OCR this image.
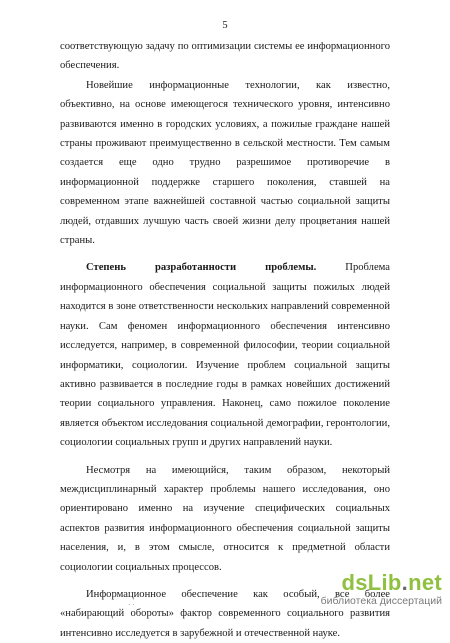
5

соответствующую задачу по оптимизации системы ее информационного обеспечения.

Новейшие информационные технологии, как известно, объективно, на основе имеющегося технического уровня, интенсивно развиваются именно в городских условиях, а пожилые граждане нашей страны проживают преимущественно в сельской местности. Тем самым создается еще одно трудно разрешимое противоречие в информационной поддержке старшего поколения, ставшей на современном этапе важнейшей составной частью социальной защиты людей, отдавших лучшую часть своей жизни делу процветания нашей страны.

Степень разработанности проблемы. Проблема информационного обеспечения социальной защиты пожилых людей находится в зоне ответственности нескольких направлений современной науки. Сам феномен информационного обеспечения интенсивно исследуется, например, в современной философии, теории социальной информатики, социологии. Изучение проблем социальной защиты активно развивается в последние годы в рамках новейших достижений теории социального управления. Наконец, само пожилое поколение является объектом исследования социальной демографии, геронтологии, социологии социальных групп и других направлений науки.

Несмотря на имеющийся, таким образом, некоторый междисциплинарный характер проблемы нашего исследования, оно ориентировано именно на изучение специфических социальных аспектов развития информационного обеспечения социальной защиты населения, и, в этом смысле, относится к предметной области социологии социальных процессов.

Информационное обеспечение как особый, все более «набирающий обороты» фактор современного социального развития интенсивно исследуется в зарубежной и отечественной науке.

dsLib.net
библиотека диссертаций
· ·
